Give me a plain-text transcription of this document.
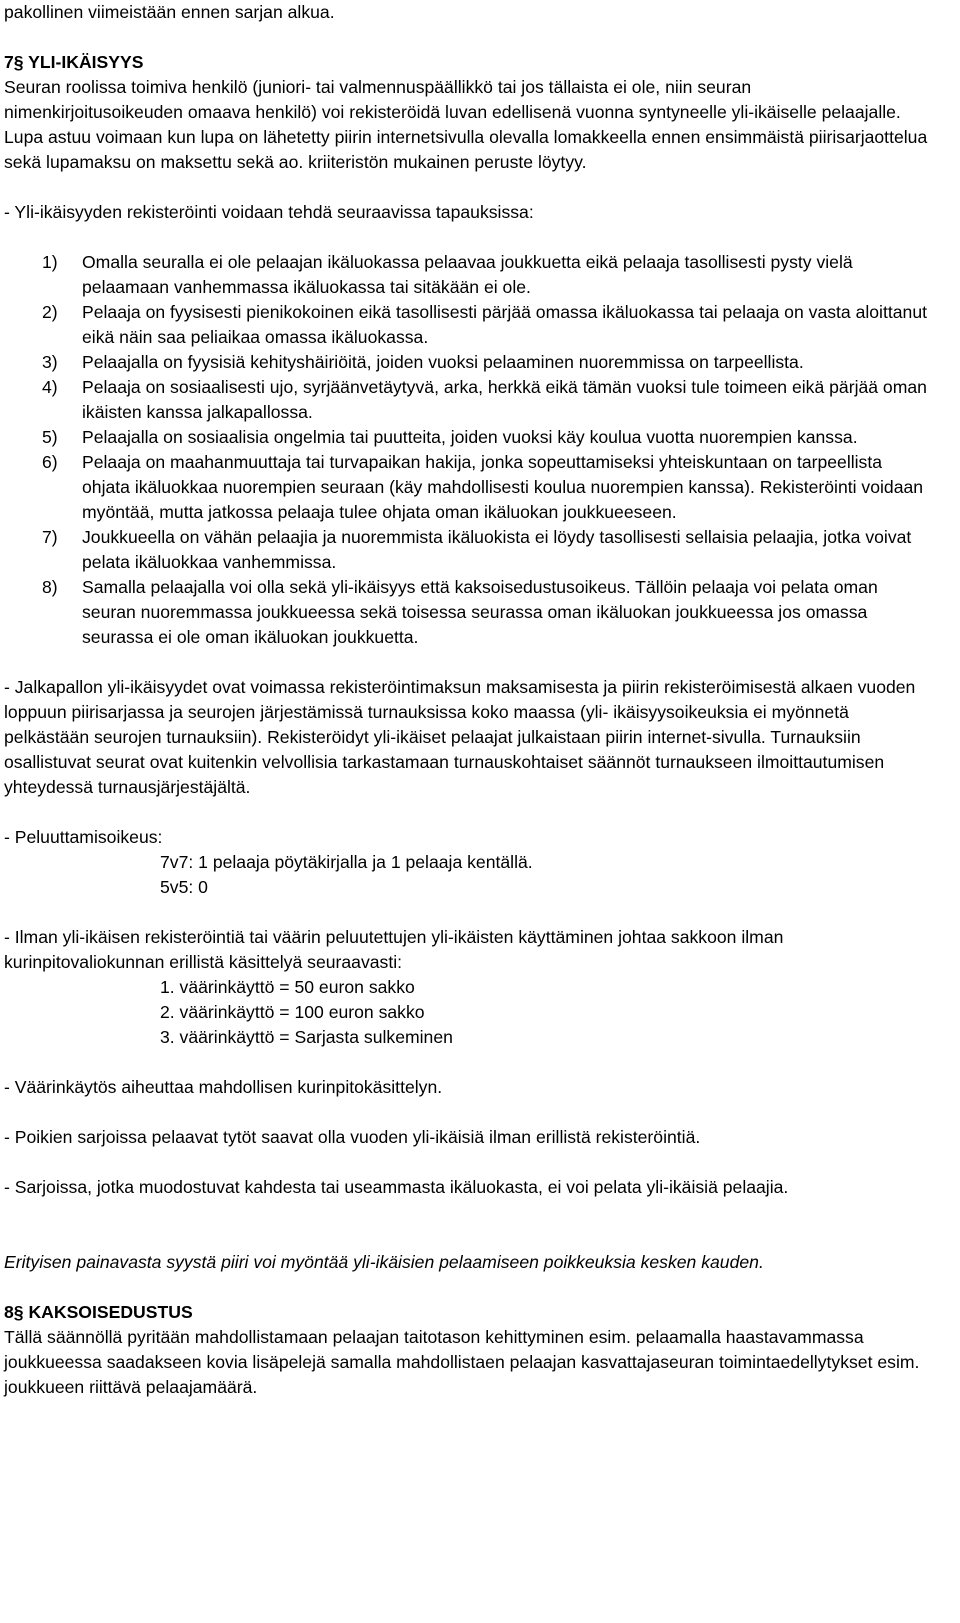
pakollinen viimeistään ennen sarjan alkua.

7§ YLI-IKÄISYYS

Seuran roolissa toimiva henkilö (juniori- tai valmennuspäällikkö tai jos tällaista ei ole, niin seuran nimenkirjoitusoikeuden omaava henkilö) voi rekisteröidä luvan edellisenä vuonna syntyneelle yli-ikäiselle pelaajalle. Lupa astuu voimaan kun lupa on lähetetty piirin internetsivulla olevalla lomakkeella ennen ensimmäistä piirisarjaottelua sekä lupamaksu on maksettu sekä ao. kriiteristön mukainen peruste löytyy.

- Yli-ikäisyyden rekisteröinti voidaan tehdä seuraavissa tapauksissa:

1)	Omalla seuralla ei ole pelaajan ikäluokassa pelaavaa joukkuetta eikä pelaaja tasollisesti pysty vielä pelaamaan vanhemmassa ikäluokassa tai sitäkään ei ole.
2)	Pelaaja on fyysisesti pienikokoinen eikä tasollisesti pärjää omassa ikäluokassa tai pelaaja on vasta aloittanut eikä näin saa peliaikaa omassa ikäluokassa.
3)	Pelaajalla on fyysisiä kehityshäiriöitä, joiden vuoksi pelaaminen nuoremmissa on tarpeellista.
4)	Pelaaja on sosiaalisesti ujo, syrjäänvetäytyvä, arka, herkkä eikä tämän vuoksi tule toimeen eikä pärjää oman ikäisten kanssa jalkapallossa.
5)	Pelaajalla on sosiaalisia ongelmia tai puutteita, joiden vuoksi käy koulua vuotta nuorempien kanssa.
6)	Pelaaja on maahanmuuttaja tai turvapaikan hakija, jonka sopeuttamiseksi yhteiskuntaan on tarpeellista ohjata ikäluokkaa nuorempien seuraan (käy mahdollisesti koulua nuorempien kanssa). Rekisteröinti voidaan myöntää, mutta jatkossa pelaaja tulee ohjata oman ikäluokan joukkueeseen.
7)	Joukkueella on vähän pelaajia ja nuoremmista ikäluokista ei löydy tasollisesti sellaisia pelaajia, jotka voivat pelata ikäluokkaa vanhemmissa.
8)	Samalla pelaajalla voi olla sekä yli-ikäisyys että kaksoisedustusoikeus. Tällöin pelaaja voi pelata oman seuran nuoremmassa joukkueessa sekä toisessa seurassa oman ikäluokan joukkueessa jos omassa seurassa ei ole oman ikäluokan joukkuetta.

- Jalkapallon yli-ikäisyydet ovat voimassa rekisteröintimaksun maksamisesta ja piirin rekisteröimisestä alkaen vuoden loppuun piirisarjassa ja seurojen järjestämissä turnauksissa koko maassa (yli- ikäisyysoikeuksia ei myönnetä pelkästään seurojen turnauksiin). Rekisteröidyt yli-ikäiset pelaajat julkaistaan piirin internet-sivulla. Turnauksiin osallistuvat seurat ovat kuitenkin velvollisia tarkastamaan turnauskohtaiset säännöt turnaukseen ilmoittautumisen yhteydessä turnausjärjestäjältä.

- Peluuttamisoikeus:

7v7: 1 pelaaja pöytäkirjalla ja 1 pelaaja kentällä.

5v5: 0

- Ilman yli-ikäisen rekisteröintiä tai väärin peluutettujen yli-ikäisten käyttäminen johtaa sakkoon ilman kurinpitovaliokunnan erillistä käsittelyä seuraavasti:

1. väärinkäyttö = 50 euron sakko

2. väärinkäyttö = 100 euron sakko

3. väärinkäyttö = Sarjasta sulkeminen

- Väärinkäytös aiheuttaa mahdollisen kurinpitokäsittelyn.

- Poikien sarjoissa pelaavat tytöt saavat olla vuoden yli-ikäisiä ilman erillistä rekisteröintiä.

- Sarjoissa, jotka muodostuvat kahdesta tai useammasta ikäluokasta, ei voi pelata yli-ikäisiä pelaajia.

Erityisen painavasta syystä piiri voi myöntää yli-ikäisien pelaamiseen poikkeuksia kesken kauden.

8§ KAKSOISEDUSTUS

Tällä säännöllä pyritään mahdollistamaan pelaajan taitotason kehittyminen esim. pelaamalla haastavammassa joukkueessa saadakseen kovia lisäpelejä samalla mahdollistaen pelaajan kasvattajaseuran toimintaedellytykset esim. joukkueen riittävä pelaajamäärä.
